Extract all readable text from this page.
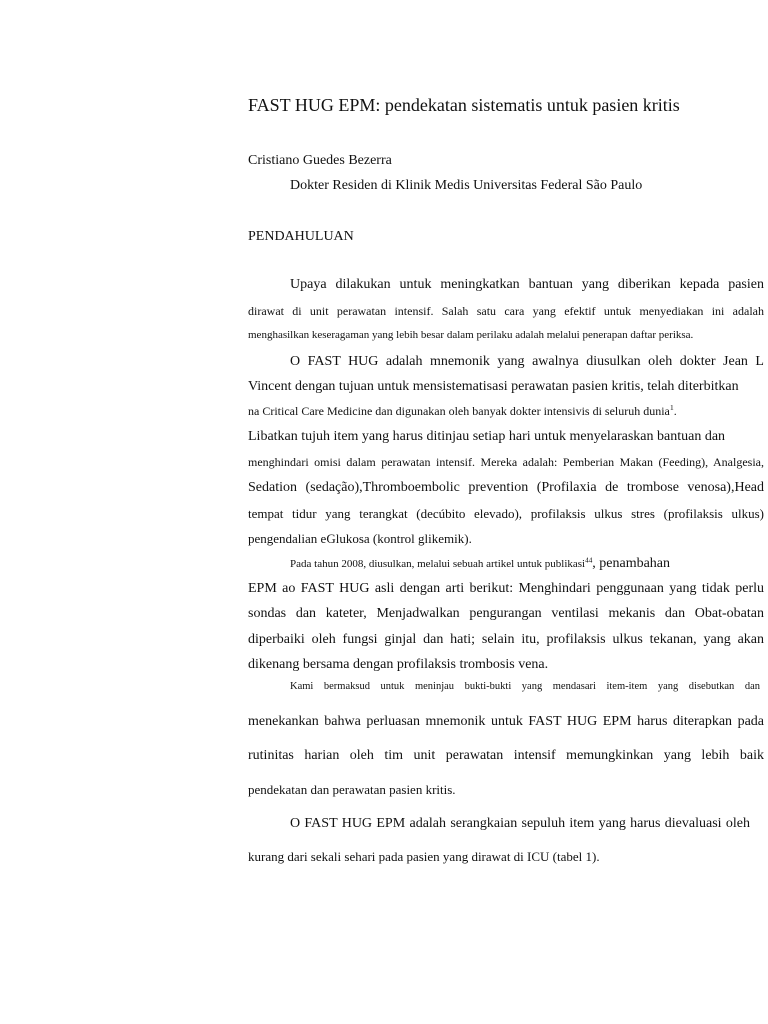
FAST HUG EPM: pendekatan sistematis untuk pasien kritis
Cristiano Guedes Bezerra
Dokter Residen di Klinik Medis Universitas Federal São Paulo
PENDAHULUAN
Upaya dilakukan untuk meningkatkan bantuan yang diberikan kepada pasien
dirawat di unit perawatan intensif. Salah satu cara yang efektif untuk menyediakan ini adalah
menghasilkan keseragaman yang lebih besar dalam perilaku adalah melalui penerapan daftar periksa.
O FAST HUG adalah mnemonik yang awalnya diusulkan oleh dokter Jean L
Vincent dengan tujuan untuk mensistematisasi perawatan pasien kritis, telah diterbitkan
na Critical Care Medicine dan digunakan oleh banyak dokter intensivis di seluruh dunia$^1$.
Libatkan tujuh item yang harus ditinjau setiap hari untuk menyelaraskan bantuan dan
menghindari omisi dalam perawatan intensif. Mereka adalah: Pemberian Makan (Feeding), Analgesia,
Sedation (sedação),Thromboembolic prevention (Profilaxia de trombose venosa),Head
tempat tidur yang terangkat (decúbito elevado), profilaksis ulkus stres (profilaksis ulkus)
pengendalian eGlukosa (kontrol glikemik).
Pada tahun 2008, diusulkan, melalui sebuah artikel untuk publikasi$^{44}$, penambahan
EPM ao FAST HUG asli dengan arti berikut: Menghindari penggunaan yang tidak perlu
sondas dan kateter, Menjadwalkan pengurangan ventilasi mekanis dan Obat-obatan
diperbaiki oleh fungsi ginjal dan hati; selain itu, profilaksis ulkus tekanan, yang akan
dikenang bersama dengan profilaksis trombosis vena.
Kami bermaksud untuk meninjau bukti-bukti yang mendasari item-item yang disebutkan dan
menekankan bahwa perluasan mnemonik untuk FAST HUG EPM harus diterapkan pada
rutinitas harian oleh tim unit perawatan intensif memungkinkan yang lebih baik
pendekatan dan perawatan pasien kritis.
O FAST HUG EPM adalah serangkaian sepuluh item yang harus dievaluasi oleh
kurang dari sekali sehari pada pasien yang dirawat di ICU (tabel 1).
